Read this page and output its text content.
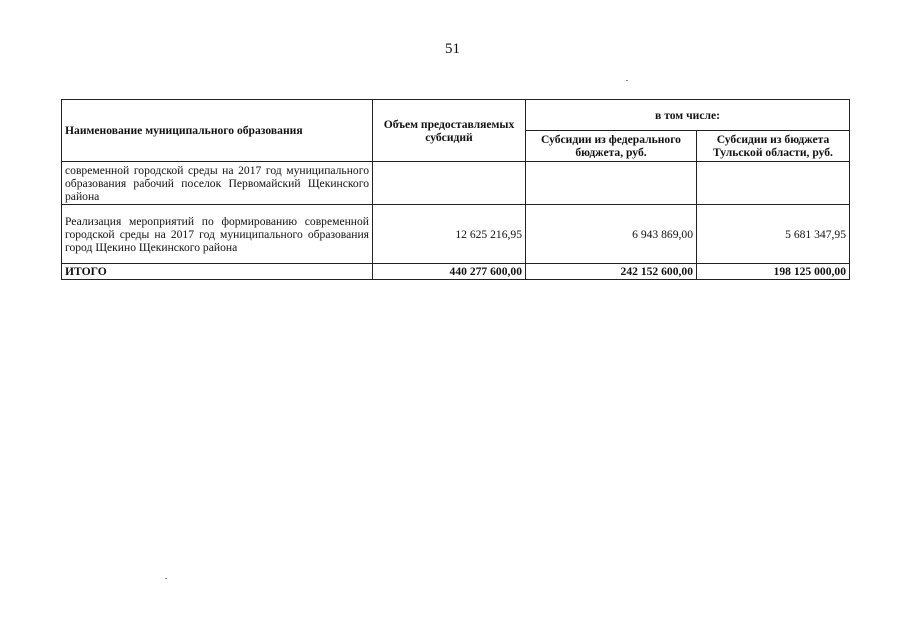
51
Наименование муниципального образования	Объем предоставляемых субсидий	в том числе:	
		Субсидии из федерального бюджета, руб.	Субсидии из бюджета Тульской области, руб.
современной городской среды на 2017 год муниципального образования рабочий поселок Первомайский Щекинского района			
Реализация мероприятий по формированию современной городской среды на 2017 год муниципального образования город Щекино Щекинского района	12 625 216,95	6 943 869,00	5 681 347,95
ИТОГО	440 277 600,00	242 152 600,00	198 125 000,00
